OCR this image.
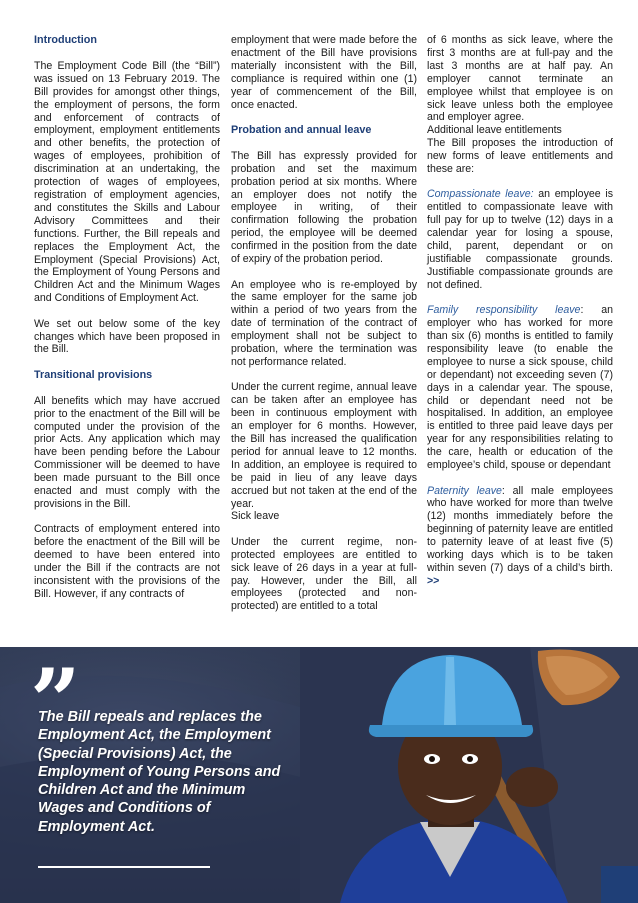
Introduction

The Employment Code Bill (the “Bill”) was issued on 13 February 2019. The Bill provides for amongst other things, the employment of persons, the form and enforcement of contracts of employment, employment entitlements and other benefits, the protection of wages of employees, prohibition of discrimination at an undertaking, the protection of wages of employees, registration of employment agencies, and constitutes the Skills and Labour Advisory Committees and their functions. Further, the Bill repeals and replaces the Employment Act, the Employment (Special Provisions) Act, the Employment of Young Persons and Children Act and the Minimum Wages and Conditions of Employment Act.

We set out below some of the key changes which have been proposed in the Bill.

Transitional provisions

All benefits which may have accrued prior to the enactment of the Bill will be computed under the provision of the prior Acts. Any application which may have been pending before the Labour Commissioner will be deemed to have been made pursuant to the Bill once enacted and must comply with the provisions in the Bill.

Contracts of employment entered into before the enactment of the Bill will be deemed to have been entered into under the Bill if the contracts are not inconsistent with the provisions of the Bill. However, if any contracts of

employment that were made before the enactment of the Bill have provisions materially inconsistent with the Bill, compliance is required within one (1) year of commencement of the Bill, once enacted.

Probation and annual leave

The Bill has expressly provided for probation and set the maximum probation period at six months. Where an employer does not notify the employee in writing, of their confirmation following the probation period, the employee will be deemed confirmed in the position from the date of expiry of the probation period.

An employee who is re-employed by the same employer for the same job within a period of two years from the date of termination of the contract of employment shall not be subject to probation, where the termination was not performance related.

Under the current regime, annual leave can be taken after an employee has been in continuous employment with an employer for 6 months. However, the Bill has increased the qualification period for annual leave to 12 months. In addition, an employee is required to be paid in lieu of any leave days accrued but not taken at the end of the year.

Sick leave

Under the current regime, non-protected employees are entitled to sick leave of 26 days in a year at full-pay. However, under the Bill, all employees (protected and non- protected) are entitled to a total

of 6 months as sick leave, where the first 3 months are at full-pay and the last 3 months are at half pay. An employer cannot terminate an employee whilst that employee is on sick leave unless both the employee and employer agree.

Additional leave entitlements

The Bill proposes the introduction of new forms of leave entitlements and these are:

Compassionate leave: an employee is entitled to compassionate leave with full pay for up to twelve (12) days in a calendar year for losing a spouse, child, parent, dependant or on justifiable compassionate grounds. Justifiable compassionate grounds are not defined.

Family responsibility leave: an employer who has worked for more than six (6) months is entitled to family responsibility leave (to enable the employee to nurse a sick spouse, child or dependant) not exceeding seven (7) days in a calendar year. The spouse, child or dependant need not be hospitalised. In addition, an employee is entitled to three paid leave days per year for any responsibilities relating to the care, health or education of the employee’s child, spouse or dependant

Paternity leave: all male employees who have worked for more than twelve (12) months immediately before the beginning of paternity leave are entitled to paternity leave of at least five (5) working days which is to be taken within seven (7) days of a child’s birth. >>

”
The Bill repeals and replaces the Employment Act, the Employment (Special Provisions) Act, the Employment of Young Persons and Children Act and the Minimum Wages and Conditions of Employment Act.
